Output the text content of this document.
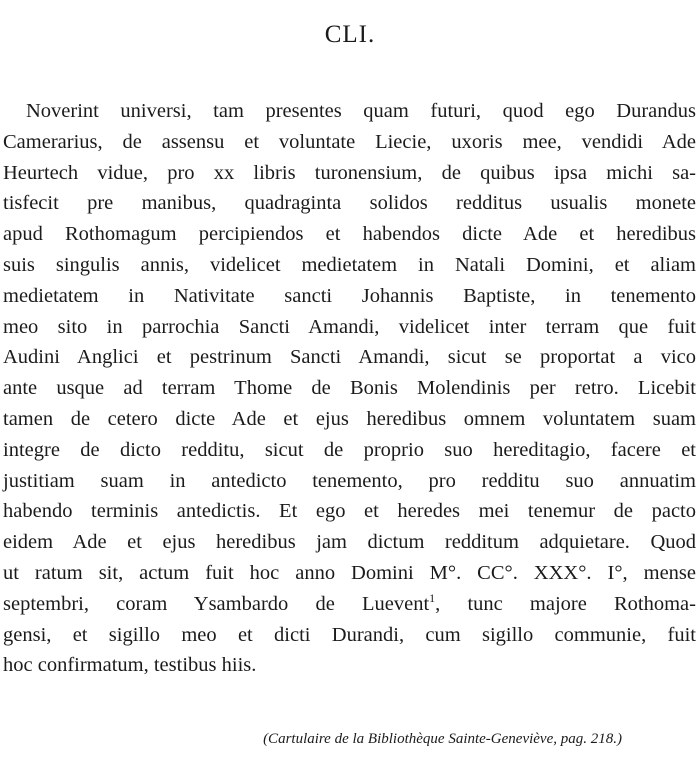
CLI.
Noverint universi, tam presentes quam futuri, quod ego Durandus
Camerarius, de assensu et voluntate Liecie, uxoris mee, vendidi Ade
Heurtech vidue, pro xx libris turonensium, de quibus ipsa michi sa-
tisfecit pre manibus, quadraginta solidos redditus usualis monete
apud Rothomagum percipiendos et habendos dicte Ade et heredibus
suis singulis annis, videlicet medietatem in Natali Domini, et aliam
medietatem in Nativitate sancti Johannis Baptiste, in tenemento
meo sito in parrochia Sancti Amandi, videlicet inter terram que fuit
Audini Anglici et pestrinum Sancti Amandi, sicut se proportat a vico
ante usque ad terram Thome de Bonis Molendinis per retro. Licebit
tamen de cetero dicte Ade et ejus heredibus omnem voluntatem suam
integre de dicto redditu, sicut de proprio suo hereditagio, facere et
justitiam suam in antedicto tenemento, pro redditu suo annuatim
habendo terminis antedictis. Et ego et heredes mei tenemur de pacto
eidem Ade et ejus heredibus jam dictum redditum adquietare. Quod
ut ratum sit, actum fuit hoc anno Domini M°. CC°. XXX°. I°, mense
septembri, coram Ysambardo de Luevent$^1$, tunc majore Rothoma-
gensi, et sigillo meo et dicti Durandi, cum sigillo communie, fuit
hoc confirmatum, testibus hiis.
(Cartulaire de la Bibliothèque Sainte-Geneviève, pag. 218.)
